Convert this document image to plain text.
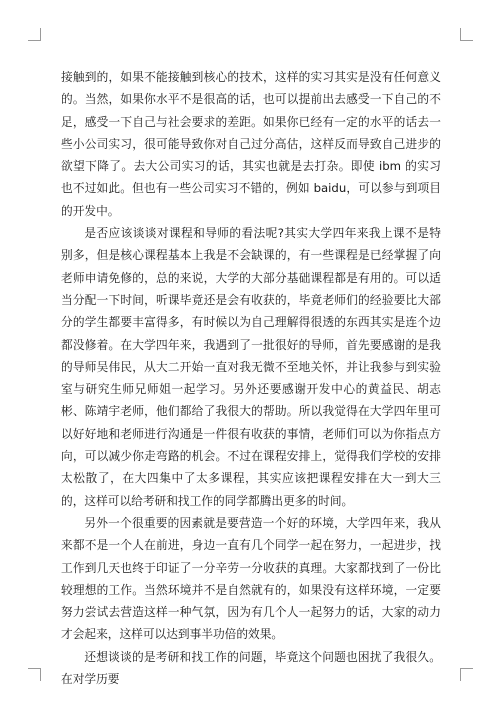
接触到的，如果不能接触到核心的技术，这样的实习其实是没有任何意义的。当然，如果你水平不是很高的话，也可以提前出去感受一下自己的不足，感受一下自己与社会要求的差距。如果你已经有一定的水平的话去一些小公司实习，很可能导致你对自己过分高估，这样反而导致自己进步的欲望下降了。去大公司实习的话，其实也就是去打杂。即使 ibm 的实习也不过如此。但也有一些公司实习不错的，例如 baidu，可以参与到项目的开发中。

是否应该谈谈对课程和导师的看法呢?其实大学四年来我上课不是特别多，但是核心课程基本上我是不会缺课的，有一些课程是已经掌握了向老师申请免修的，总的来说，大学的大部分基础课程都是有用的。可以适当分配一下时间，听课毕竟还是会有收获的，毕竟老师们的经验要比大部分的学生都要丰富得多，有时候以为自己理解得很透的东西其实是连个边都没修着。在大学四年来，我遇到了一批很好的导师，首先要感谢的是我的导师吴伟民，从大二开始一直对我无微不至地关怀，并让我参与到实验室与研究生师兄师姐一起学习。另外还要感谢开发中心的黄益民、胡志彬、陈靖宇老师，他们都给了我很大的帮助。所以我觉得在大学四年里可以好好地和老师进行沟通是一件很有收获的事情，老师们可以为你指点方向，可以减少你走弯路的机会。不过在课程安排上，觉得我们学校的安排太松散了，在大四集中了太多课程，其实应该把课程安排在大一到大三的，这样可以给考研和找工作的同学都腾出更多的时间。

另外一个很重要的因素就是要营造一个好的环境，大学四年来，我从来都不是一个人在前进，身边一直有几个同学一起在努力，一起进步，找工作到几天也终于印证了一分辛劳一分收获的真理。大家都找到了一份比较理想的工作。当然环境并不是自然就有的，如果没有这样环境，一定要努力尝试去营造这样一种气氛，因为有几个人一起努力的话，大家的动力才会起来，这样可以达到事半功倍的效果。

还想谈谈的是考研和找工作的问题，毕竟这个问题也困扰了我很久。在对学历要
